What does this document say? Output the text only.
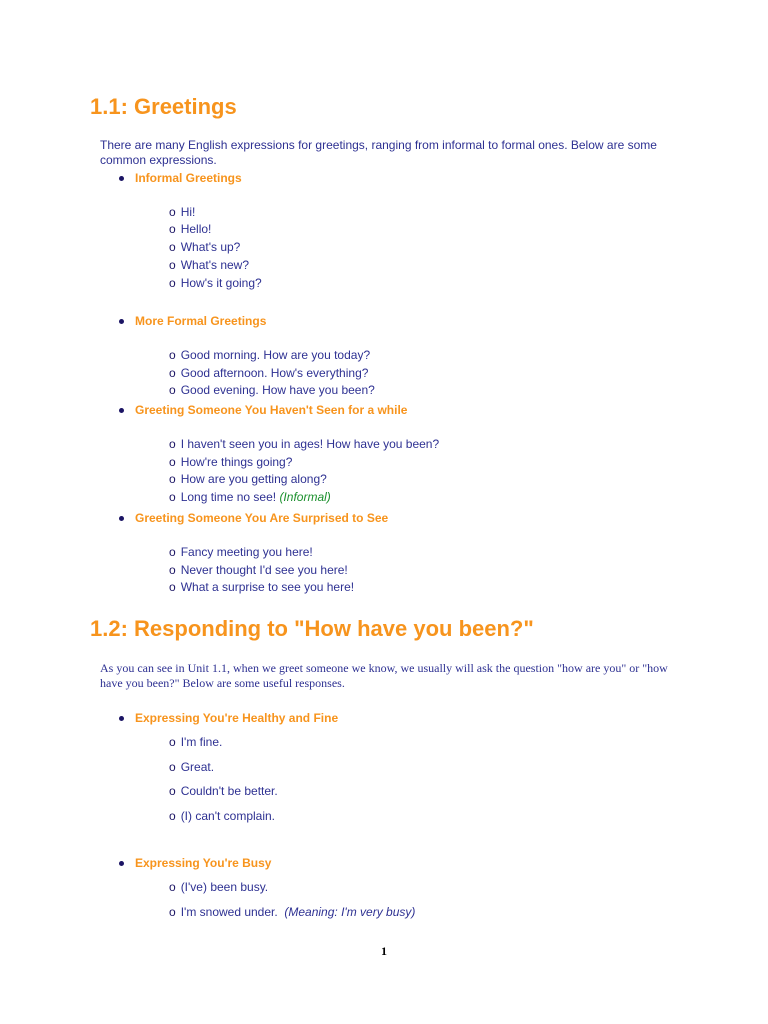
1.1: Greetings

There are many English expressions for greetings, ranging from informal to formal ones. Below are some common expressions.

Informal Greetings
o Hi!
o Hello!
o What's up?
o What's new?
o How's it going?
More Formal Greetings
o Good morning. How are you today?
o Good afternoon. How's everything?
o Good evening. How have you been?
Greeting Someone You Haven't Seen for a while
o I haven't seen you in ages! How have you been?
o How're things going?
o How are you getting along?
o Long time no see! (Informal)
Greeting Someone You Are Surprised to See
o Fancy meeting you here!
o Never thought I'd see you here!
o What a surprise to see you here!
1.2: Responding to "How have you been?"

As you can see in Unit 1.1, when we greet someone we know, we usually will ask the question "how are you" or "how have you been?" Below are some useful responses.

Expressing You're Healthy and Fine
o I'm fine.
o Great.
o Couldn't be better.
o (I) can't complain.
Expressing You're Busy
o (I've) been busy.
o I'm snowed under. (Meaning: I'm very busy)
1
